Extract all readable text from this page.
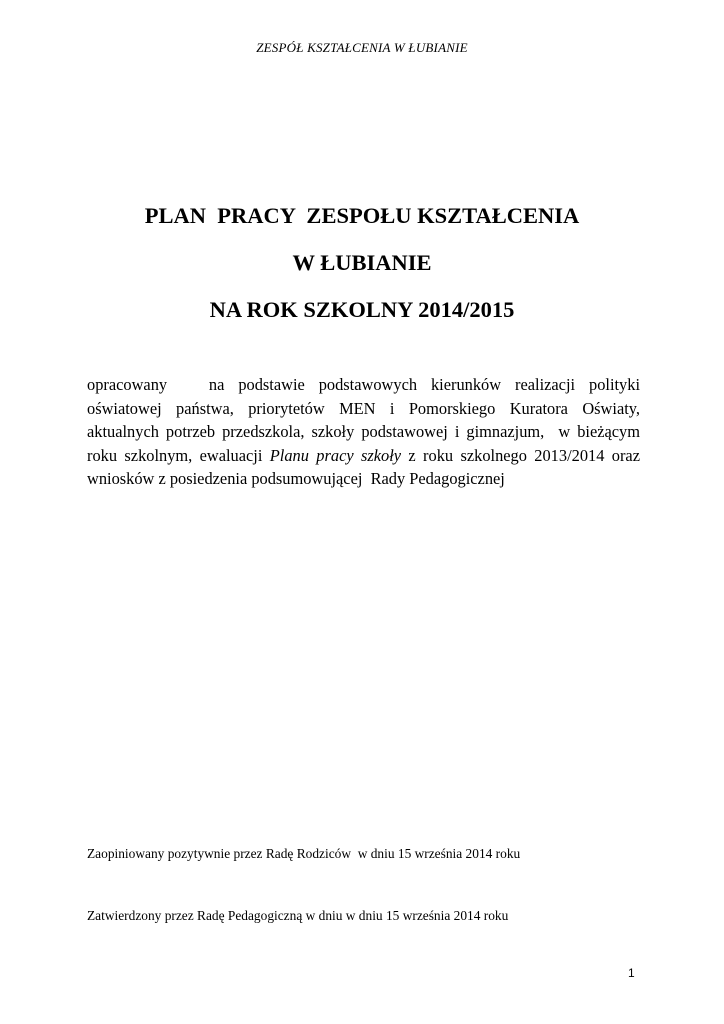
ZESPÓŁ KSZTAŁCENIA W ŁUBIANIE
PLAN  PRACY  ZESPOŁU KSZTAŁCENIA
W ŁUBIANIE
NA ROK SZKOLNY 2014/2015
opracowany   na podstawie podstawowych kierunków realizacji polityki
oświatowej państwa, priorytetów MEN i Pomorskiego Kuratora Oświaty,
aktualnych potrzeb przedszkola, szkoły podstawowej i gimnazjum,  w bieżącym
roku szkolnym, ewaluacji Planu pracy szkoły z roku szkolnego 2013/2014 oraz
wniosków z posiedzenia podsumowującej  Rady Pedagogicznej
Zaopiniowany pozytywnie przez Radę Rodziców  w dniu 15 września 2014 roku
Zatwierdzony przez Radę Pedagogiczną w dniu w dniu 15 września 2014 roku
1
